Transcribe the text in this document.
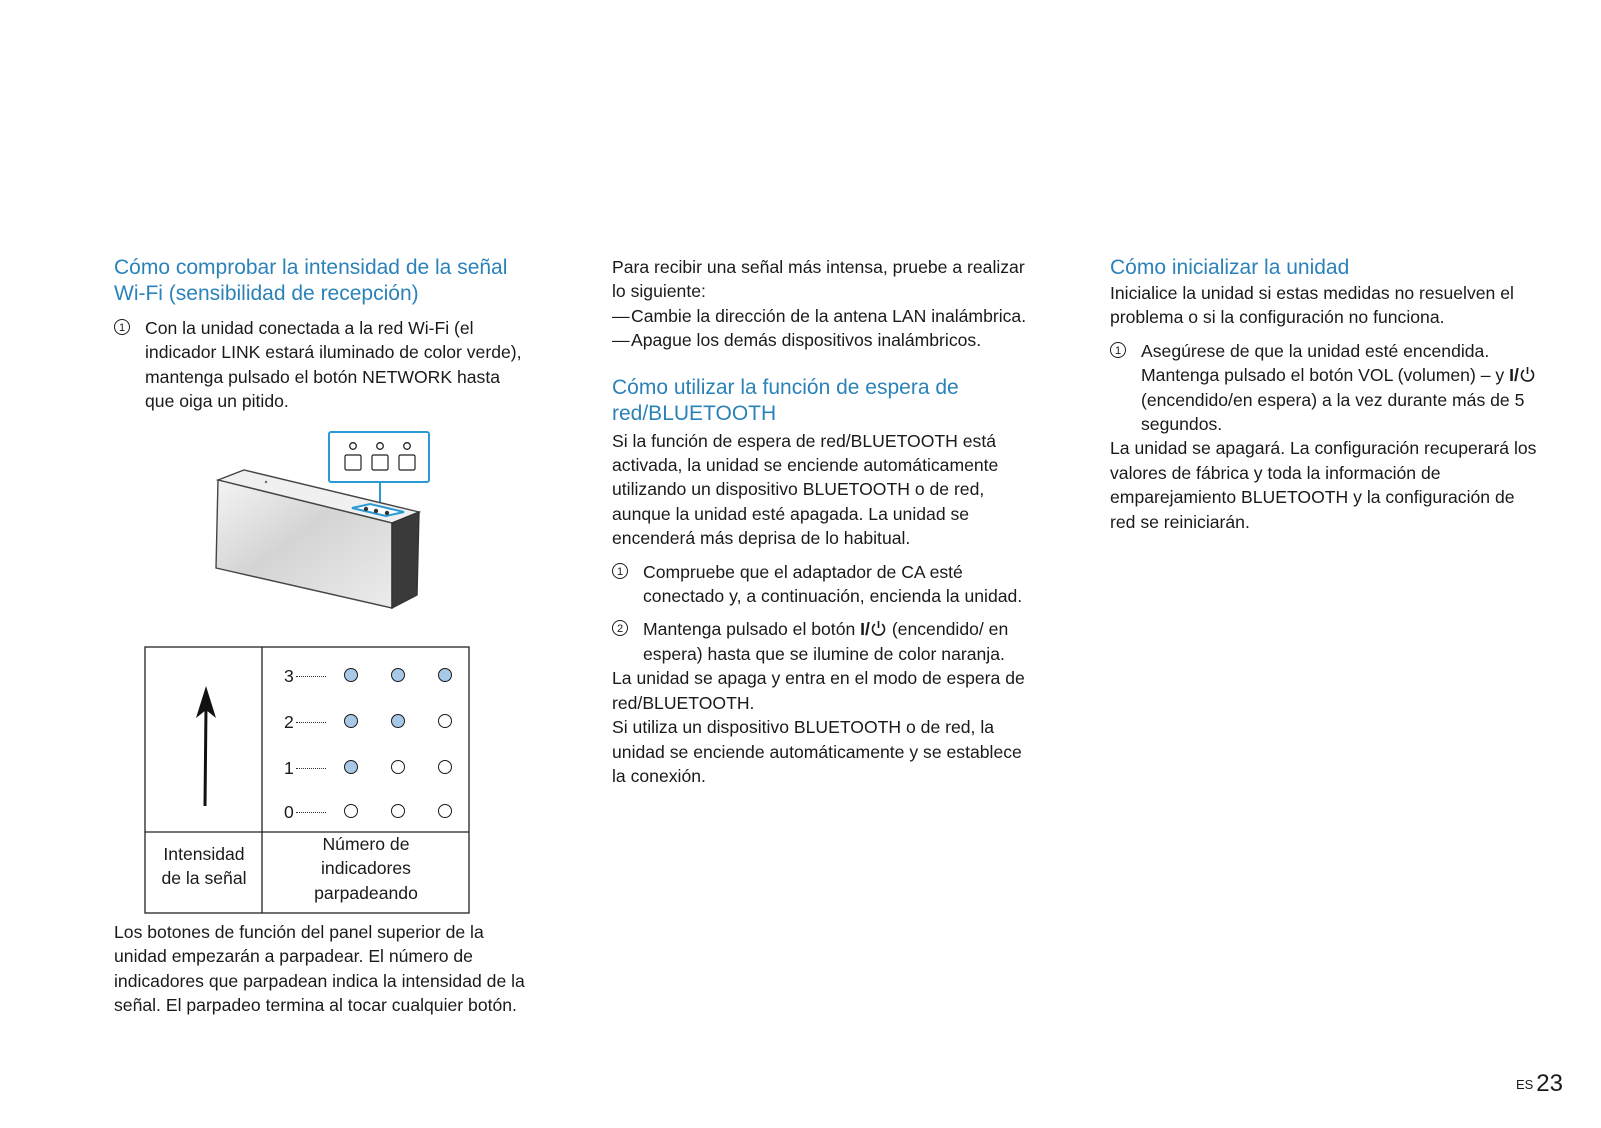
Cómo comprobar la intensidad de la señal Wi-Fi (sensibilidad de recepción)
1 Con la unidad conectada a la red Wi-Fi (el indicador LINK estará iluminado de color verde), mantenga pulsado el botón NETWORK hasta que oiga un pitido.
3
2
1
0
Intensidad de la señal
Número de indicadores parpadeando

Los botones de función del panel superior de la unidad empezarán a parpadear. El número de indicadores que parpadean indica la intensidad de la señal. El parpadeo termina al tocar cualquier botón.

Para recibir una señal más intensa, pruebe a realizar lo siguiente:

— Cambie la dirección de la antena LAN inalámbrica.
— Apague los demás dispositivos inalámbricos.
Cómo utilizar la función de espera de red/BLUETOOTH

Si la función de espera de red/BLUETOOTH está activada, la unidad se enciende automáticamente utilizando un dispositivo BLUETOOTH o de red, aunque la unidad esté apagada. La unidad se encenderá más deprisa de lo habitual.

1 Compruebe que el adaptador de CA esté conectado y, a continuación, encienda la unidad.
2 Mantenga pulsado el botón I/ (encendido/ en espera) hasta que se ilumine de color naranja.

La unidad se apaga y entra en el modo de espera de red/BLUETOOTH.

Si utiliza un dispositivo BLUETOOTH o de red, la unidad se enciende automáticamente y se establece la conexión.

Cómo inicializar la unidad

Inicialice la unidad si estas medidas no resuelven el problema o si la configuración no funciona.

1 Asegúrese de que la unidad esté encendida. Mantenga pulsado el botón VOL (volumen) – y I/ (encendido/en espera) a la vez durante más de 5 segundos.

La unidad se apagará. La configuración recuperará los valores de fábrica y toda la información de emparejamiento BLUETOOTH y la configuración de red se reiniciarán.

ES 23
